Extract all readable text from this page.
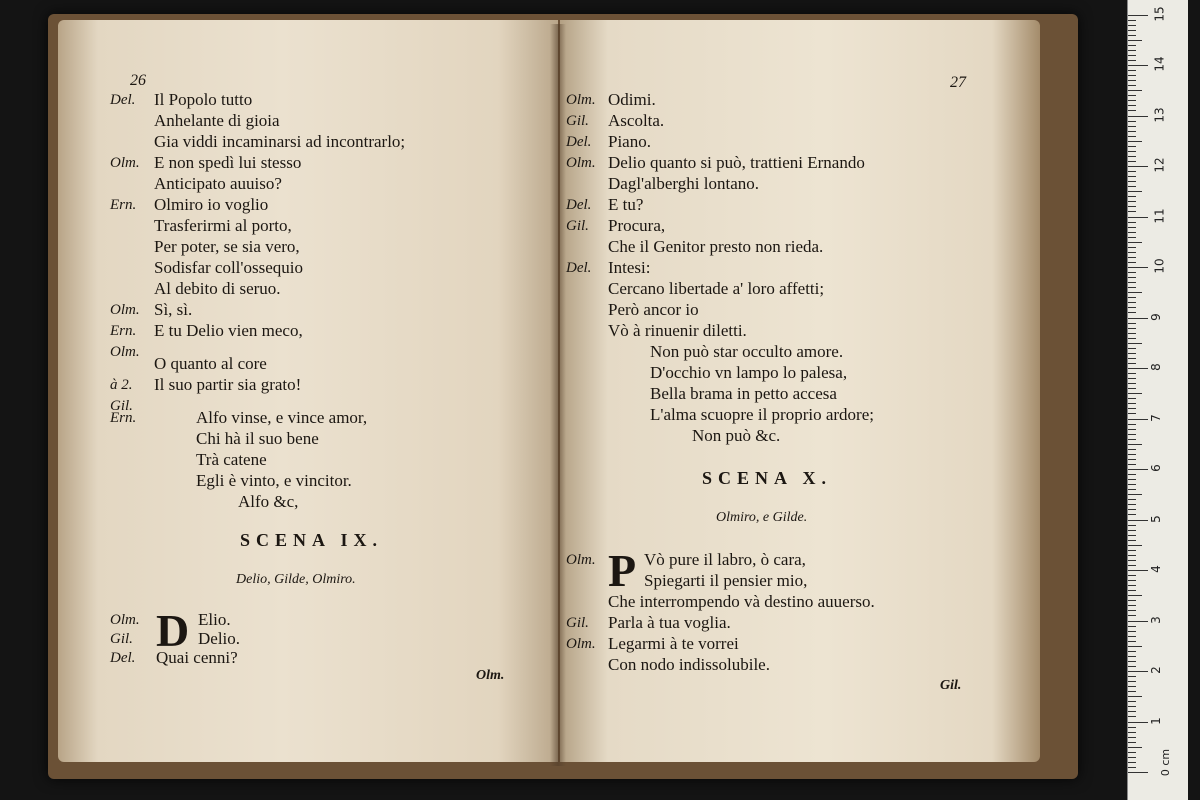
26
Del. Il Popolo tutto
Anhelante di gioia
Gia viddi incaminarsi ad incontrarlo;
Olm. E non spedì lui stesso
Anticipato auuiso?
Ern. Olmiro io voglio
Trasferirmi al porto,
Per poter, se sia vero,
Sodisfar coll'ossequio
Al debito di seruo.
Olm. Sì, sì.
Ern. E tu Delio vien meco,
Olm.
O quanto al core
à 2. Il suo partir sia grato!
Gil.
Ern.	Alfo vinse, e vince amor,
Chi hà il suo bene
Trà catene
Egli è vinto, e vincitor.
Alfo &c,
SCENA IX.
Delio, Gilde, Olmiro.
D
Olm.	Elio.
Gil.	Delio.
Del. Quai cenni?
Olm.
27
Olm. Odimi.
Gil. Ascolta.
Del. Piano.
Olm. Delio quanto si può, trattieni Ernando
Dagl'alberghi lontano.
Del. E tu?
Gil. Procura,
Che il Genitor presto non rieda.
Del. Intesi:
Cercano libertade a' loro affetti;
Però ancor io
Vò à rinuenir diletti.
Non può star occulto amore.
D'occhio vn lampo lo palesa,
Bella brama in petto accesa
L'alma scuopre il proprio ardore;
Non può &c.
SCENA X.
Olmiro, e Gilde.
P
Olm.	Vò pure il labro, ò cara,
Spiegarti il pensier mio,
Che interrompendo và destino auuerso.
Gil. Parla à tua voglia.
Olm. Legarmi à te vorrei
Con nodo indissolubile.
Gil.
0 cm
1
2
3
4
5
6
7
8
9
10
11
12
13
14
15
